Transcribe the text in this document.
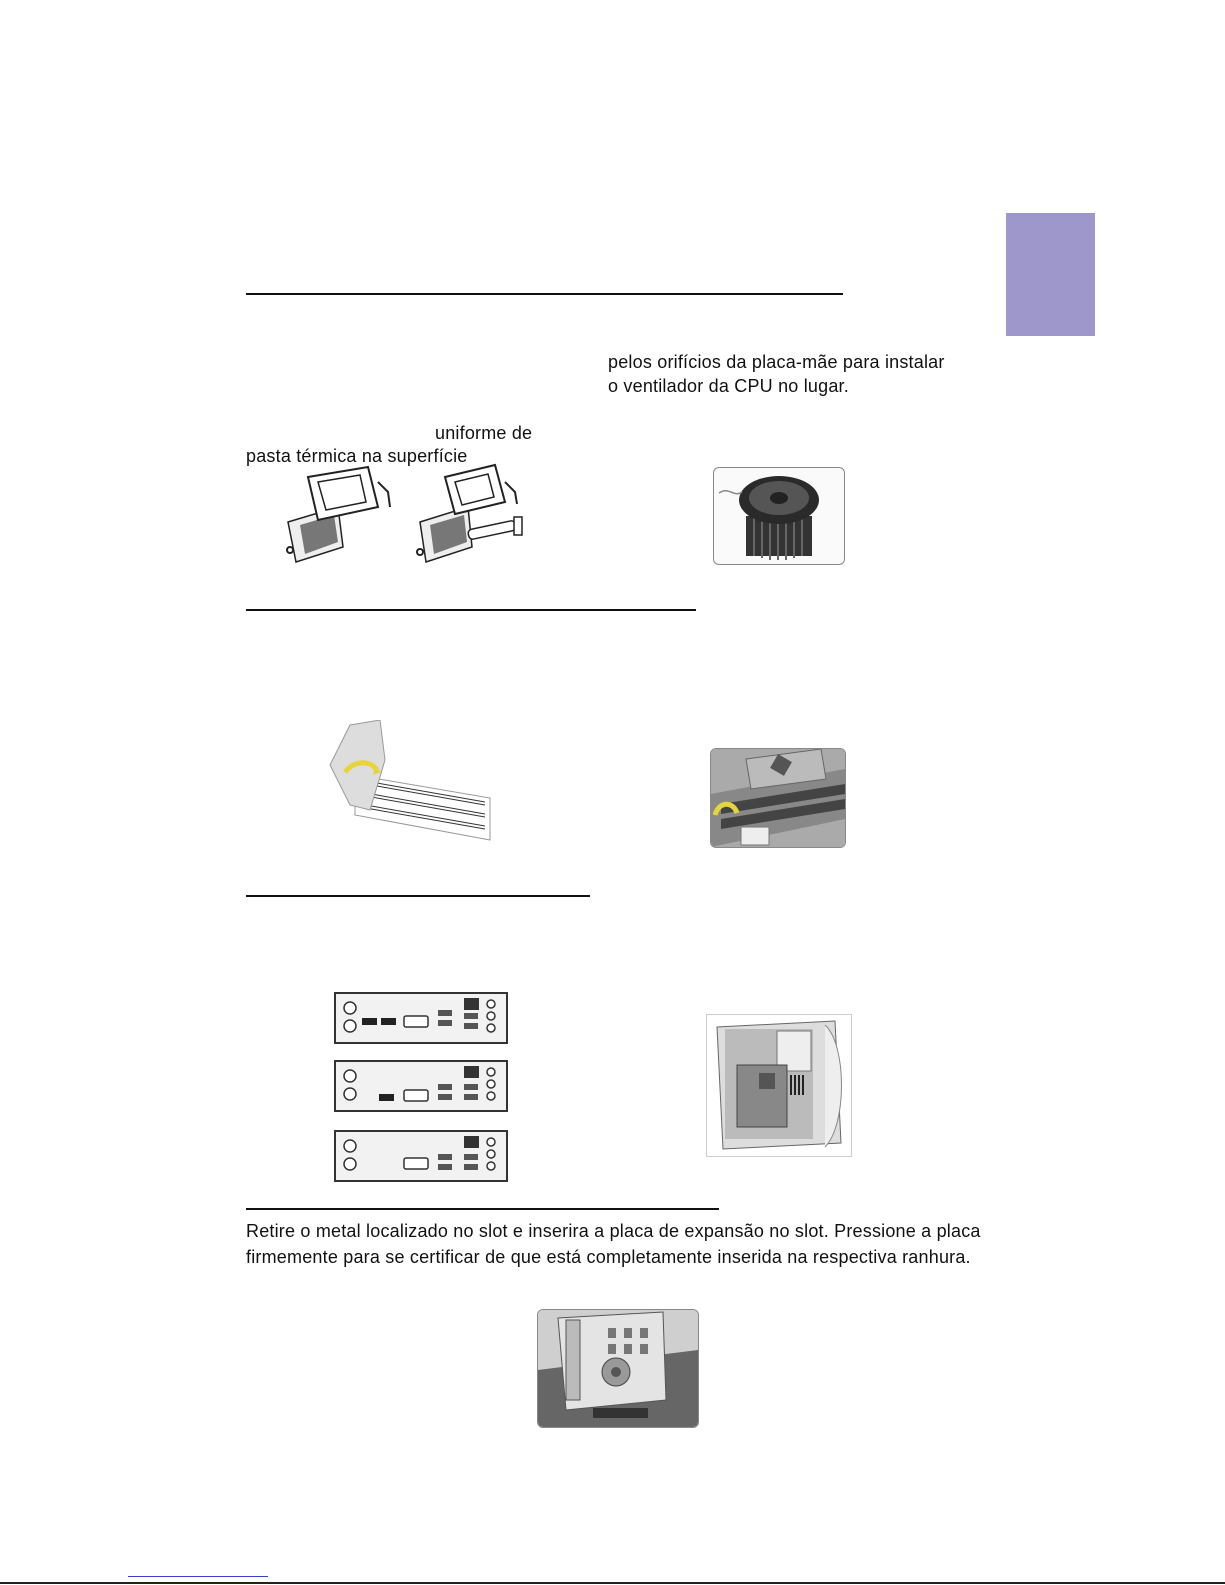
pelos orifícios da placa-mãe para instalar
o ventilador da CPU no lugar.
uniforme de
pasta térmica na superfície
Retire o metal localizado no slot e inserira a placa de expansão no slot. Pressione a placa
firmemente para se certificar de que está completamente inserida na respectiva ranhura.
